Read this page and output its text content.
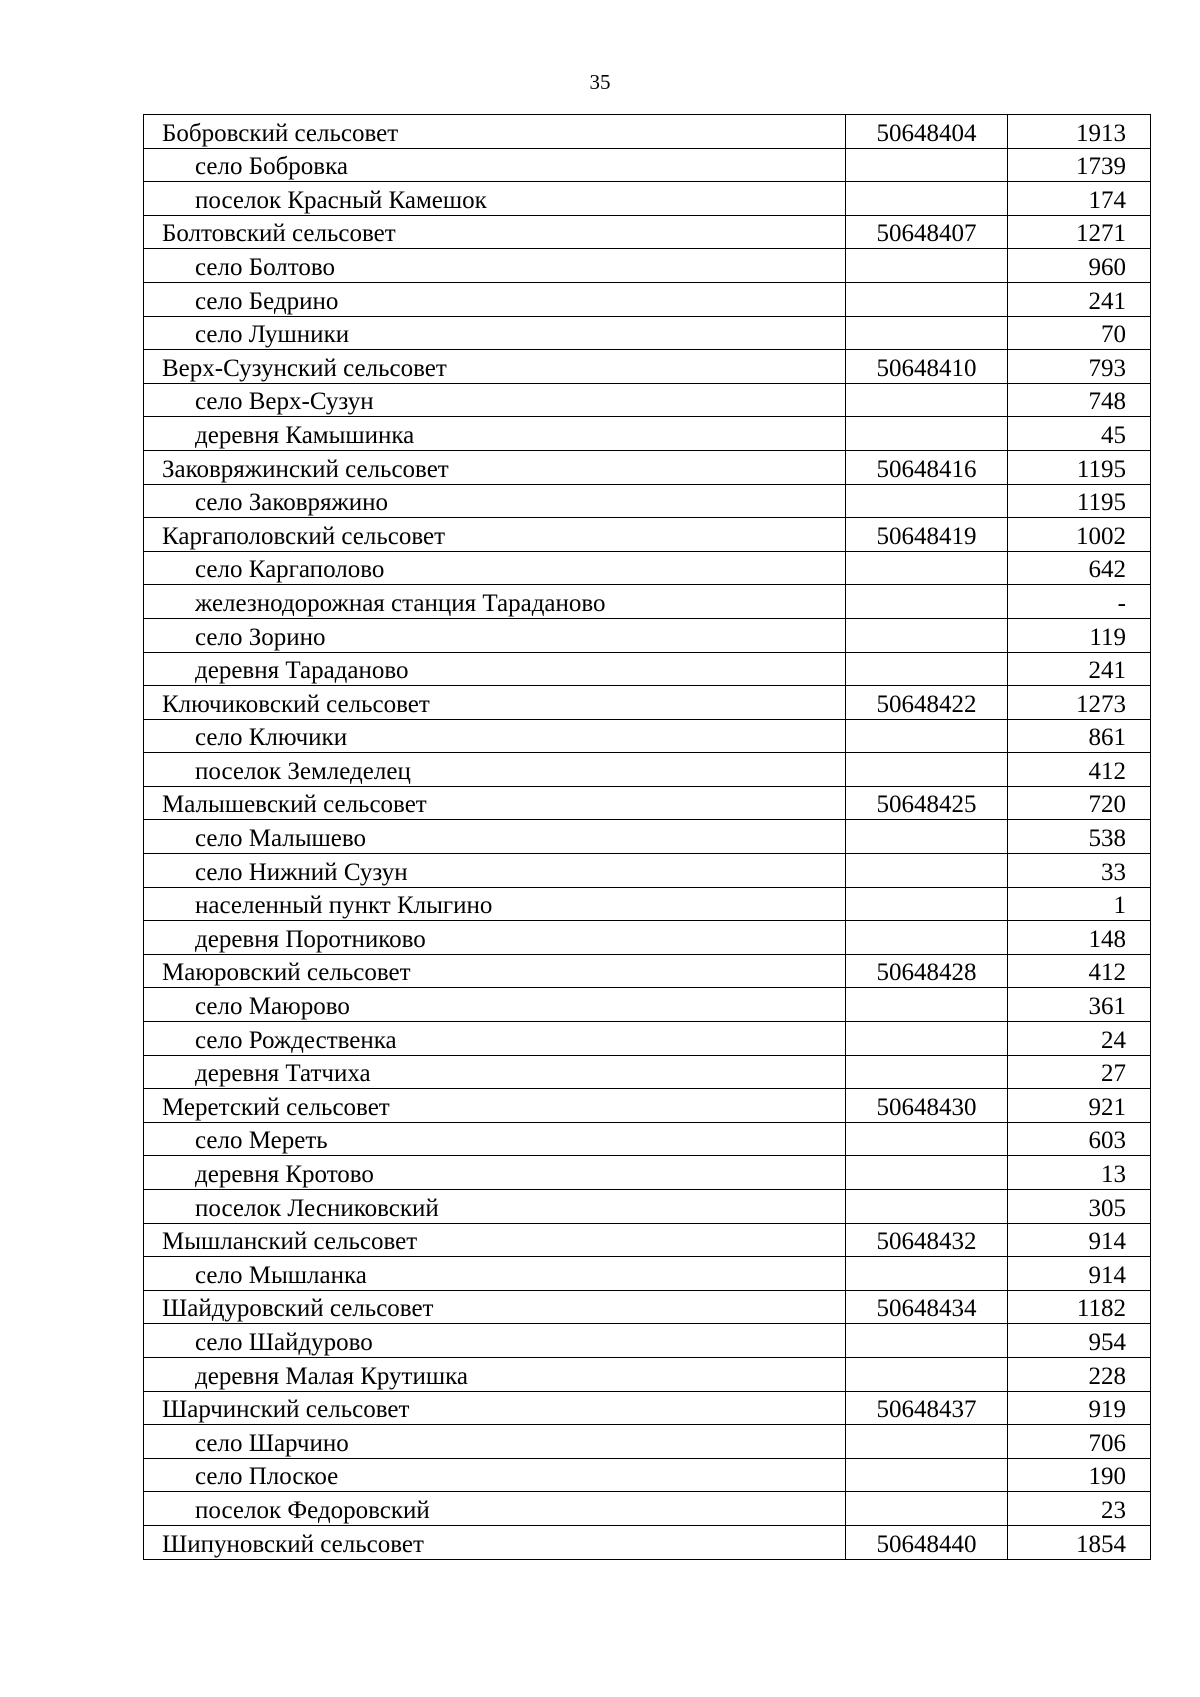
35
Бобровский сельсовет	50648404	1913
село Бобровка		1739
поселок Красный Камешок		174
Болтовский сельсовет	50648407	1271
село Болтово		960
село Бедрино		241
село Лушники		70
Верх-Сузунский сельсовет	50648410	793
село Верх-Сузун		748
деревня Камышинка		45
Заковряжинский сельсовет	50648416	1195
село Заковряжино		1195
Каргаполовский сельсовет	50648419	1002
село Каргаполово		642
железнодорожная станция Тараданово		-
село Зорино		119
деревня Тараданово		241
Ключиковский сельсовет	50648422	1273
село Ключики		861
поселок Земледелец		412
Малышевский сельсовет	50648425	720
село Малышево		538
село Нижний Сузун		33
населенный пункт Клыгино		1
деревня Поротниково		148
Маюровский сельсовет	50648428	412
село Маюрово		361
село Рождественка		24
деревня Татчиха		27
Меретский сельсовет	50648430	921
село Мереть		603
деревня Кротово		13
поселок Лесниковский		305
Мышланский сельсовет	50648432	914
село Мышланка		914
Шайдуровский сельсовет	50648434	1182
село Шайдурово		954
деревня Малая Крутишка		228
Шарчинский сельсовет	50648437	919
село Шарчино		706
село Плоское		190
поселок Федоровский		23
Шипуновский сельсовет	50648440	1854
